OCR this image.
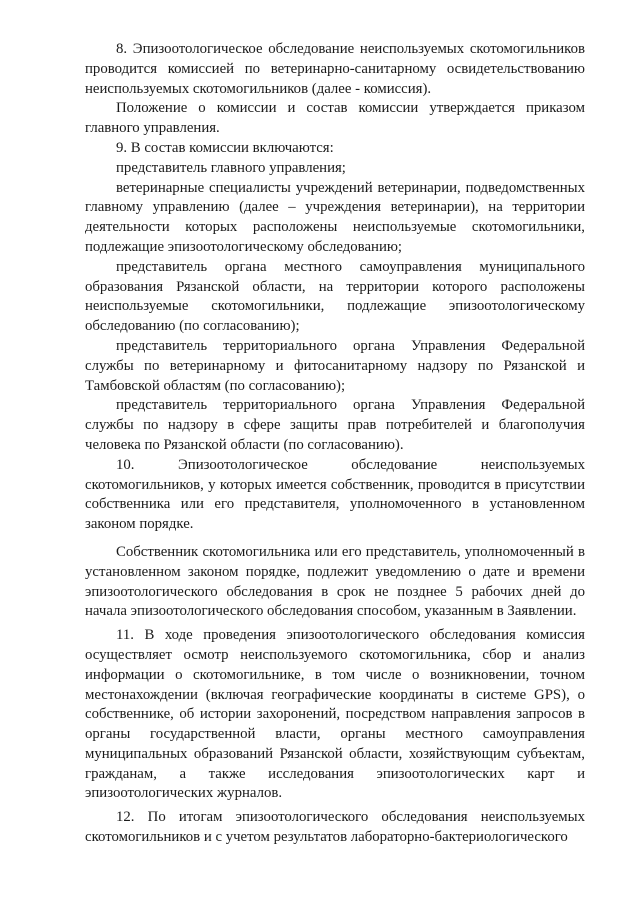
8. Эпизоотологическое обследование неиспользуемых скотомогильников проводится комиссией по ветеринарно-санитарному освидетельствованию неиспользуемых скотомогильников (далее - комиссия).

Положение о комиссии и состав комиссии утверждается приказом главного управления.

9. В состав комиссии включаются:

представитель главного управления;

ветеринарные специалисты учреждений ветеринарии, подведомственных главному управлению (далее – учреждения ветеринарии), на территории деятельности которых расположены неиспользуемые скотомогильники, подлежащие эпизоотологическому обследованию;

представитель органа местного самоуправления муниципального образования Рязанской области, на территории которого расположены неиспользуемые скотомогильники, подлежащие эпизоотологическому обследованию (по согласованию);

представитель территориального органа Управления Федеральной службы по ветеринарному и фитосанитарному надзору по Рязанской и Тамбовской областям (по согласованию);

представитель территориального органа Управления Федеральной службы по надзору в сфере защиты прав потребителей и благополучия человека по Рязанской области (по согласованию).

10. Эпизоотологическое обследование неиспользуемых скотомогильников, у которых имеется собственник, проводится в присутствии собственника или его представителя, уполномоченного в установленном законом порядке.

Собственник скотомогильника или его представитель, уполномоченный в установленном законом порядке, подлежит уведомлению о дате и времени эпизоотологического обследования в срок не позднее 5 рабочих дней до начала эпизоотологического обследования способом, указанным в Заявлении.

11. В ходе проведения эпизоотологического обследования комиссия осуществляет осмотр неиспользуемого скотомогильника, сбор и анализ информации о скотомогильнике, в том числе о возникновении, точном местонахождении (включая географические координаты в системе GPS), о собственнике, об истории захоронений, посредством направления запросов в органы государственной власти, органы местного самоуправления муниципальных образований Рязанской области, хозяйствующим субъектам, гражданам, а также исследования эпизоотологических карт и эпизоотологических журналов.

12. По итогам эпизоотологического обследования неиспользуемых скотомогильников и с учетом результатов лабораторно-бактериологического
